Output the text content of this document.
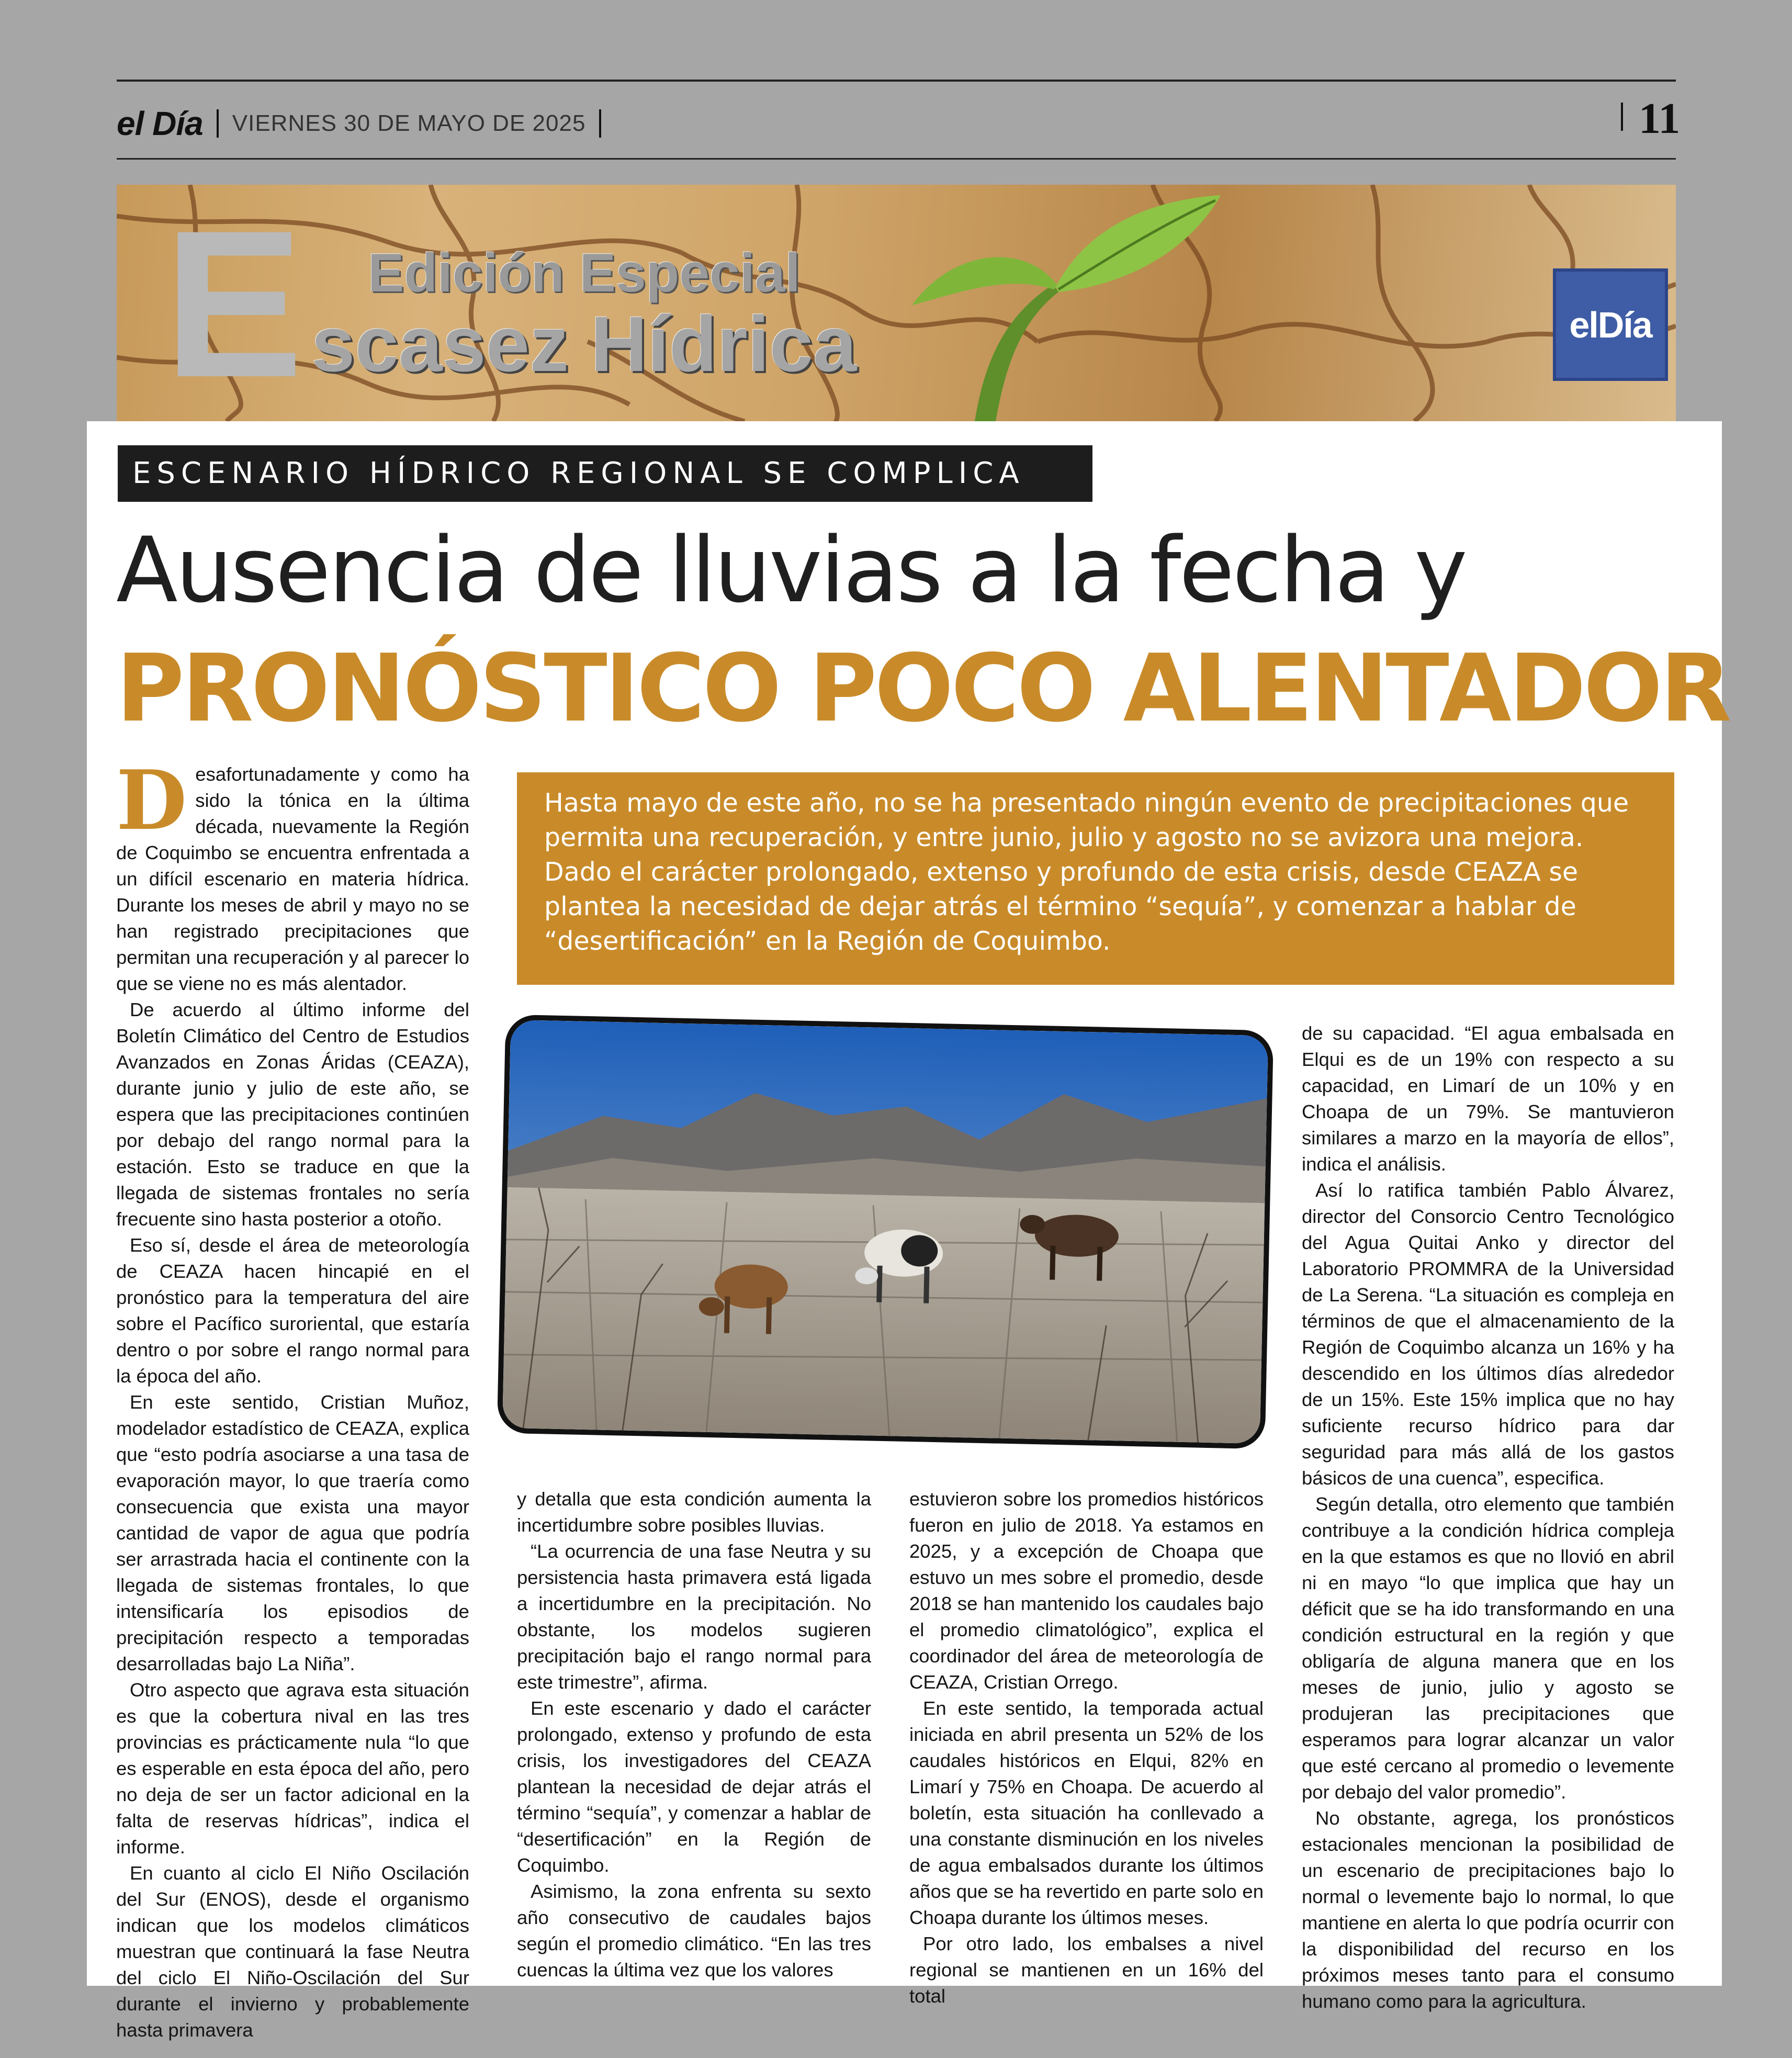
el Día VIERNES 30 DE MAYO DE 2025	11
E Edición Especial
scasez Hídrica	elDía
ESCENARIO HÍDRICO REGIONAL SE COMPLICA
Ausencia de lluvias a la fecha y
PRONÓSTICO POCO ALENTADOR
Hasta mayo de este año, no se ha presentado ningún evento de precipitaciones que permita una recuperación, y entre junio, julio y agosto no se avizora una mejora. Dado el carácter prolongado, extenso y profundo de esta crisis, desde CEAZA se plantea la necesidad de dejar atrás el término “sequía”, y comenzar a hablar de “desertificación” en la Región de Coquimbo.

Desafortunadamente y como ha sido la tónica en la última década, nuevamente la Región de Coquimbo se encuentra enfrentada a un difícil escenario en materia hídrica. Durante los meses de abril y mayo no se han registrado precipitaciones que permitan una recuperación y al parecer lo que se viene no es más alentador.

De acuerdo al último informe del Boletín Climático del Centro de Estudios Avanzados en Zonas Áridas (CEAZA), durante junio y julio de este año, se espera que las precipitaciones continúen por debajo del rango normal para la estación. Esto se traduce en que la llegada de sistemas frontales no sería frecuente sino hasta posterior a otoño.

Eso sí, desde el área de meteorología de CEAZA hacen hincapié en el pronóstico para la temperatura del aire sobre el Pacífico suroriental, que estaría dentro o por sobre el rango normal para la época del año.

En este sentido, Cristian Muñoz, modelador estadístico de CEAZA, explica que “esto podría asociarse a una tasa de evaporación mayor, lo que traería como consecuencia que exista una mayor cantidad de vapor de agua que podría ser arrastrada hacia el continente con la llegada de sistemas frontales, lo que intensificaría los episodios de precipitación respecto a temporadas desarrolladas bajo La Niña”.

Otro aspecto que agrava esta situación es que la cobertura nival en las tres provincias es prácticamente nula “lo que es esperable en esta época del año, pero no deja de ser un factor adicional en la falta de reservas hídricas”, indica el informe.

En cuanto al ciclo El Niño Oscilación del Sur (ENOS), desde el organismo indican que los modelos climáticos muestran que continuará la fase Neutra del ciclo El Niño-Oscilación del Sur durante el invierno y probablemente hasta primavera

y detalla que esta condición aumenta la incertidumbre sobre posibles lluvias.

“La ocurrencia de una fase Neutra y su persistencia hasta primavera está ligada a incertidumbre en la precipitación. No obstante, los modelos sugieren precipitación bajo el rango normal para este trimestre”, afirma.

En este escenario y dado el carácter prolongado, extenso y profundo de esta crisis, los investigadores del CEAZA plantean la necesidad de dejar atrás el término “sequía”, y comenzar a hablar de “desertificación” en la Región de Coquimbo.

Asimismo, la zona enfrenta su sexto año consecutivo de caudales bajos según el promedio climático. “En las tres cuencas la última vez que los valores

estuvieron sobre los promedios históricos fueron en julio de 2018. Ya estamos en 2025, y a excepción de Choapa que estuvo un mes sobre el promedio, desde 2018 se han mantenido los caudales bajo el promedio climatológico”, explica el coordinador del área de meteorología de CEAZA, Cristian Orrego.

En este sentido, la temporada actual iniciada en abril presenta un 52% de los caudales históricos en Elqui, 82% en Limarí y 75% en Choapa. De acuerdo al boletín, esta situación ha conllevado a una constante disminución en los niveles de agua embalsados durante los últimos años que se ha revertido en parte solo en Choapa durante los últimos meses.

Por otro lado, los embalses a nivel regional se mantienen en un 16% del total

de su capacidad. “El agua embalsada en Elqui es de un 19% con respecto a su capacidad, en Limarí de un 10% y en Choapa de un 79%. Se mantuvieron similares a marzo en la mayoría de ellos”, indica el análisis.

Así lo ratifica también Pablo Álvarez, director del Consorcio Centro Tecnológico del Agua Quitai Anko y director del Laboratorio PROMMRA de la Universidad de La Serena. “La situación es compleja en términos de que el almacenamiento de la Región de Coquimbo alcanza un 16% y ha descendido en los últimos días alrededor de un 15%. Este 15% implica que no hay suficiente recurso hídrico para dar seguridad para más allá de los gastos básicos de una cuenca”, especifica.

Según detalla, otro elemento que también contribuye a la condición hídrica compleja en la que estamos es que no llovió en abril ni en mayo “lo que implica que hay un déficit que se ha ido transformando en una condición estructural en la región y que obligaría de alguna manera que en los meses de junio, julio y agosto se produjeran las precipitaciones que esperamos para lograr alcanzar un valor que esté cercano al promedio o levemente por debajo del valor promedio”.

No obstante, agrega, los pronósticos estacionales mencionan la posibilidad de un escenario de precipitaciones bajo lo normal o levemente bajo lo normal, lo que mantiene en alerta lo que podría ocurrir con la disponibilidad del recurso en los próximos meses tanto para el consumo humano como para la agricultura.
